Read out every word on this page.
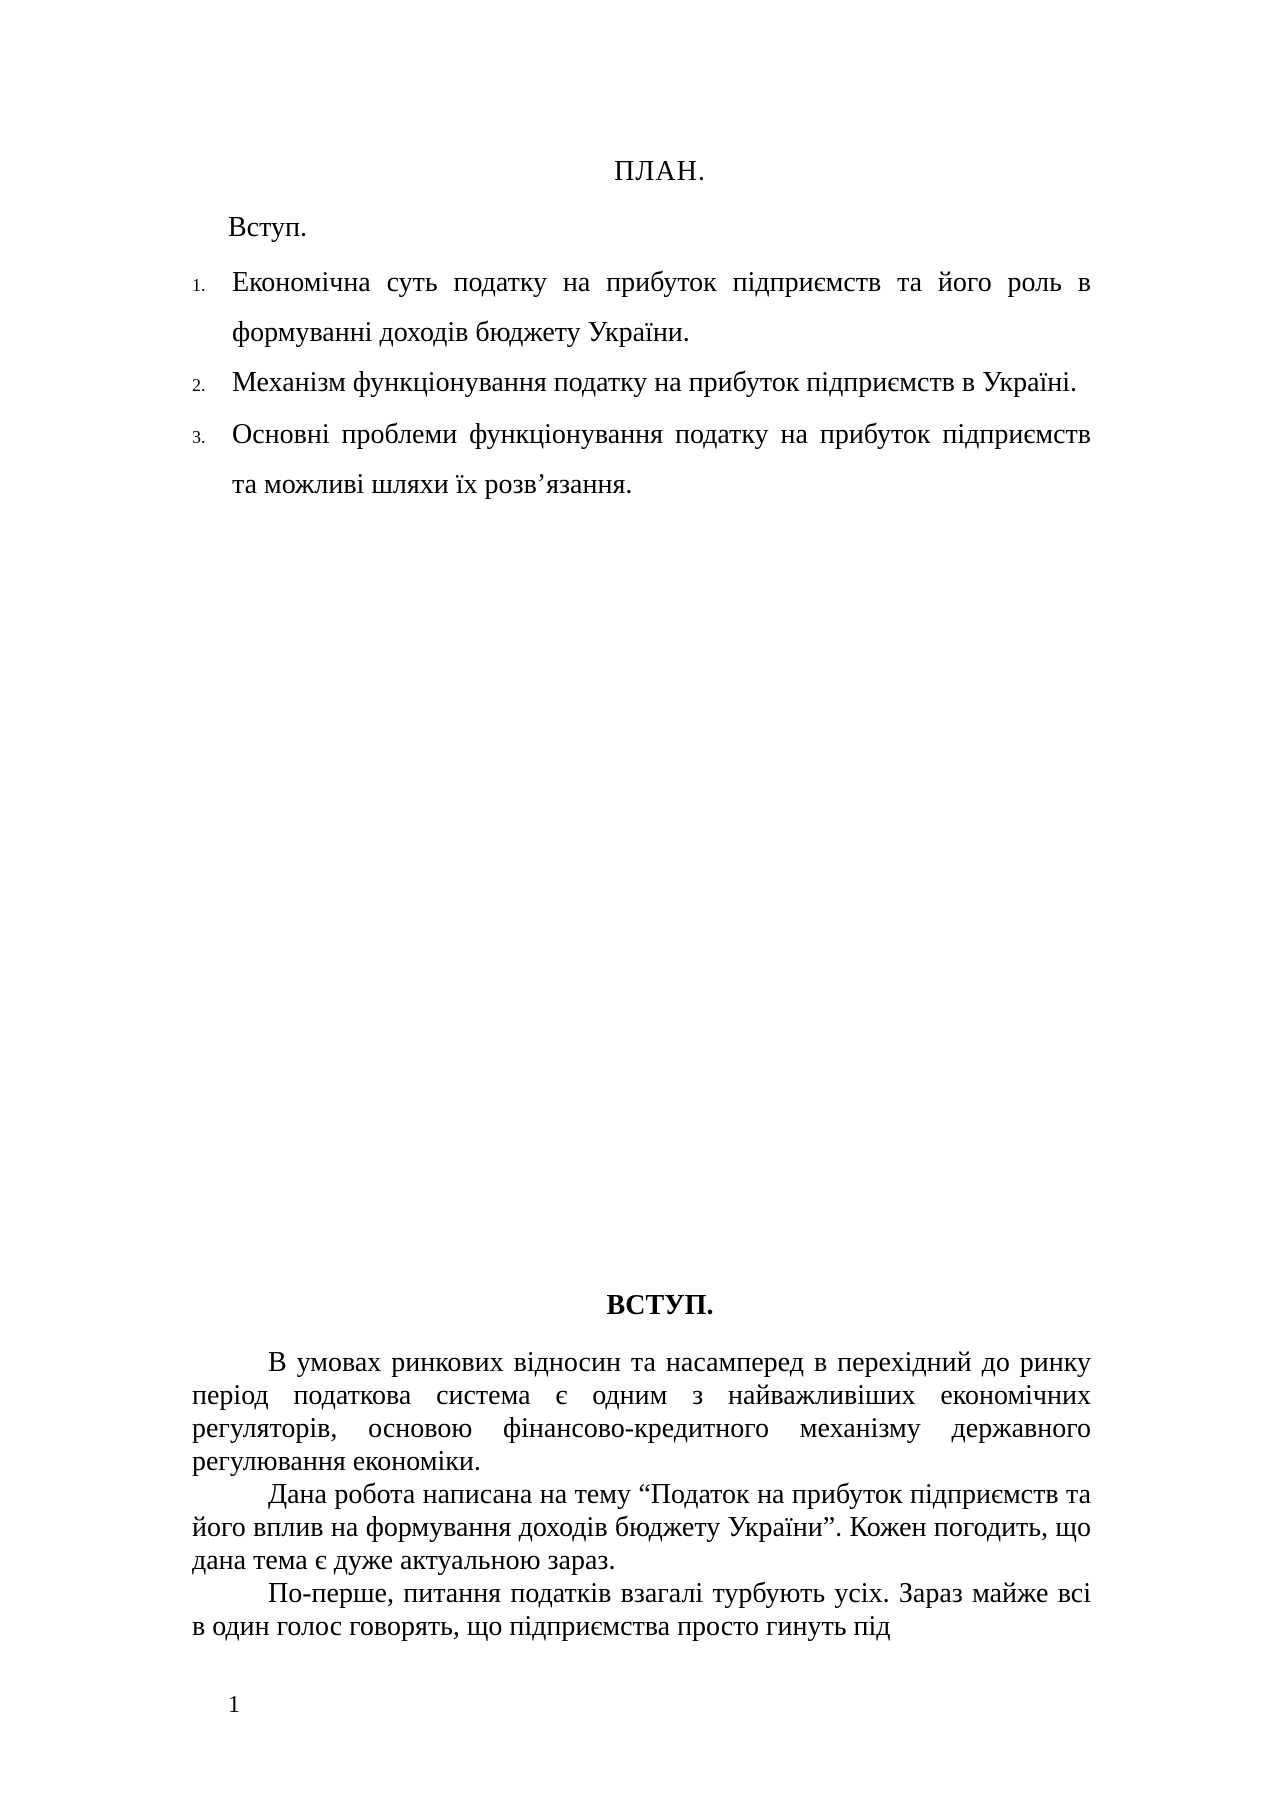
ПЛАН.
Вступ.
1. Економічна суть податку на прибуток підприємств та його роль в формуванні доходів бюджету України.
2. Механізм функціонування податку на прибуток підприємств в Україні.
3. Основні проблеми функціонування податку на прибуток підприємств та можливі шляхи їх розв’язання.
ВСТУП.

В умовах ринкових відносин та насамперед в перехідний до ринку період податкова система є одним з найважливіших економічних регуляторів, основою фінансово-кредитного механізму державного регулювання економіки.

Дана робота написана на тему “Податок на прибуток підприємств та його вплив на формування доходів бюджету України”. Кожен погодить, що дана тема є дуже актуальною зараз.

По-перше, питання податків взагалі турбують усіх. Зараз майже всі в один голос говорять, що підприємства просто гинуть під

1
